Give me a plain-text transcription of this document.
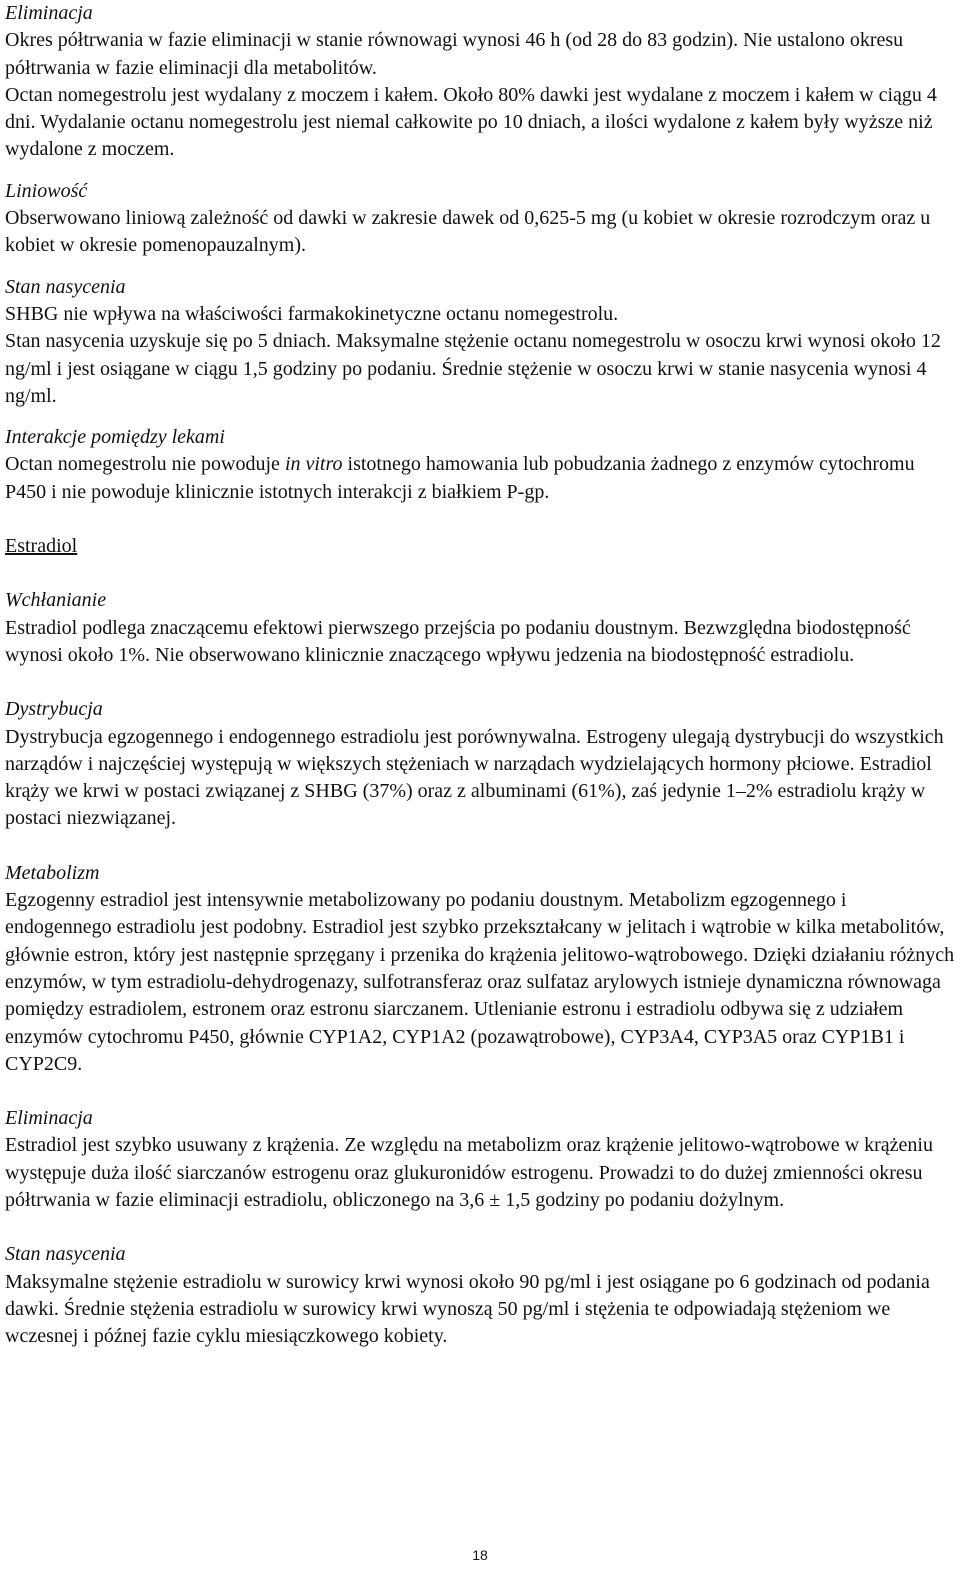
Eliminacja

Okres półtrwania w fazie eliminacji w stanie równowagi wynosi 46 h (od 28 do 83 godzin). Nie ustalono okresu półtrwania w fazie eliminacji dla metabolitów.

Octan nomegestrolu jest wydalany z moczem i kałem. Około 80% dawki jest wydalane z moczem i kałem w ciągu 4 dni. Wydalanie octanu nomegestrolu jest niemal całkowite po 10 dniach, a ilości wydalone z kałem były wyższe niż wydalone z moczem.

Liniowość

Obserwowano liniową zależność od dawki w zakresie dawek od 0,625-5 mg (u kobiet w okresie rozrodczym oraz u kobiet w okresie pomenopauzalnym).

Stan nasycenia

SHBG nie wpływa na właściwości farmakokinetyczne octanu nomegestrolu.

Stan nasycenia uzyskuje się po 5 dniach. Maksymalne stężenie octanu nomegestrolu w osoczu krwi wynosi około 12 ng/ml i jest osiągane w ciągu 1,5 godziny po podaniu. Średnie stężenie w osoczu krwi w stanie nasycenia wynosi 4 ng/ml.

Interakcje pomiędzy lekami

Octan nomegestrolu nie powoduje in vitro istotnego hamowania lub pobudzania żadnego z enzymów cytochromu P450 i nie powoduje klinicznie istotnych interakcji z białkiem P-gp.

Estradiol

Wchłanianie

Estradiol podlega znaczącemu efektowi pierwszego przejścia po podaniu doustnym. Bezwzględna biodostępność wynosi około 1%. Nie obserwowano klinicznie znaczącego wpływu jedzenia na biodostępność estradiolu.

Dystrybucja

Dystrybucja egzogennego i endogennego estradiolu jest porównywalna. Estrogeny ulegają dystrybucji do wszystkich narządów i najczęściej występują w większych stężeniach w narządach wydzielających hormony płciowe. Estradiol krąży we krwi w postaci związanej z SHBG (37%) oraz z albuminami (61%), zaś jedynie 1–2% estradiolu krąży w postaci niezwiązanej.

Metabolizm

Egzogenny estradiol jest intensywnie metabolizowany po podaniu doustnym. Metabolizm egzogennego i endogennego estradiolu jest podobny. Estradiol jest szybko przekształcany w jelitach i wątrobie w kilka metabolitów, głównie estron, który jest następnie sprzęgany i przenika do krążenia jelitowo-wątrobowego. Dzięki działaniu różnych enzymów, w tym estradiolu-dehydrogenazy, sulfotransferaz oraz sulfataz arylowych istnieje dynamiczna równowaga pomiędzy estradiolem, estronem oraz estronu siarczanem. Utlenianie estronu i estradiolu odbywa się z udziałem enzymów cytochromu P450, głównie CYP1A2, CYP1A2 (pozawątrobowe), CYP3A4, CYP3A5 oraz CYP1B1 i CYP2C9.

Eliminacja

Estradiol jest szybko usuwany z krążenia. Ze względu na metabolizm oraz krążenie jelitowo-wątrobowe w krążeniu występuje duża ilość siarczanów estrogenu oraz glukuronidów estrogenu. Prowadzi to do dużej zmienności okresu półtrwania w fazie eliminacji estradiolu, obliczonego na 3,6 ± 1,5 godziny po podaniu dożylnym.

Stan nasycenia

Maksymalne stężenie estradiolu w surowicy krwi wynosi około 90 pg/ml i jest osiągane po 6 godzinach od podania dawki. Średnie stężenia estradiolu w surowicy krwi wynoszą 50 pg/ml i stężenia te odpowiadają stężeniom we wczesnej i późnej fazie cyklu miesiączkowego kobiety.

18
